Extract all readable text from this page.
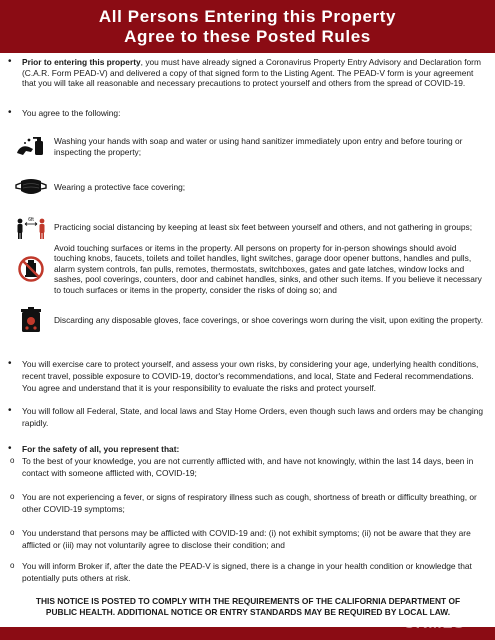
All Persons Entering this Property
Agree to these Posted Rules
•	Prior to entering this property, you must have already signed a Coronavirus Property Entry Advisory and Declaration form (C.A.R. Form PEAD-V) and delivered a copy of that signed form to the Listing Agent. The PEAD-V form is your agreement that you will take all reasonable and necessary precautions to protect yourself and others from the spread of COVID-19.
•	You agree to the following:
Washing your hands with soap and water or using hand sanitizer immediately upon entry and before touring or inspecting the property;
Wearing a protective face covering;
6ft
Practicing social distancing by keeping at least six feet between yourself and others, and not gathering in groups;
Avoid touching surfaces or items in the property. All persons on property for in-person showings should avoid touching knobs, faucets, toilets and toilet handles, light switches, garage door opener buttons, handles and pulls, alarm system controls, fan pulls, remotes, thermostats, switchboxes, gates and gate latches, window locks and sashes, pool coverings, counters, door and cabinet handles, sinks, and other such items. If you believe it necessary to touch surfaces or items in the property, consider the risks of doing so; and
Discarding any disposable gloves, face coverings, or shoe coverings worn during the visit, upon exiting the property.
•	You will exercise care to protect yourself, and assess your own risks, by considering your age, underlying health conditions, recent travel, possible exposure to COVID-19, doctor's recommendations, and local, State and Federal recommendations.
You agree and understand that it is your responsibility to evaluate the risks and protect yourself.
•	You will follow all Federal, State, and local laws and Stay Home Orders, even though such laws and orders may be changing rapidly.
•	For the safety of all, you represent that:
o To the best of your knowledge, you are not currently afflicted with, and have not knowingly, within the last 14 days, been in contact with someone afflicted with, COVID-19;
o You are not experiencing a fever, or signs of respiratory illness such as cough, shortness of breath or difficulty breathing, or other COVID-19 symptoms;
o You understand that persons may be afflicted with COVID-19 and: (i) not exhibit symptoms; (ii) not be aware that they are afflicted or (iii) may not voluntarily agree to disclose their condition; and
o You will inform Broker if, after the date the PEAD-V is signed, there is a change in your health condition or knowledge that potentially puts others at risk.
THIS NOTICE IS POSTED TO COMPLY WITH THE REQUIREMENTS OF THE CALIFORNIA DEPARTMENT OF
PUBLIC HEALTH. ADDITIONAL NOTICE OR ENTRY STANDARDS MAY BE REQUIRED BY LOCAL LAW.
CRMLS
